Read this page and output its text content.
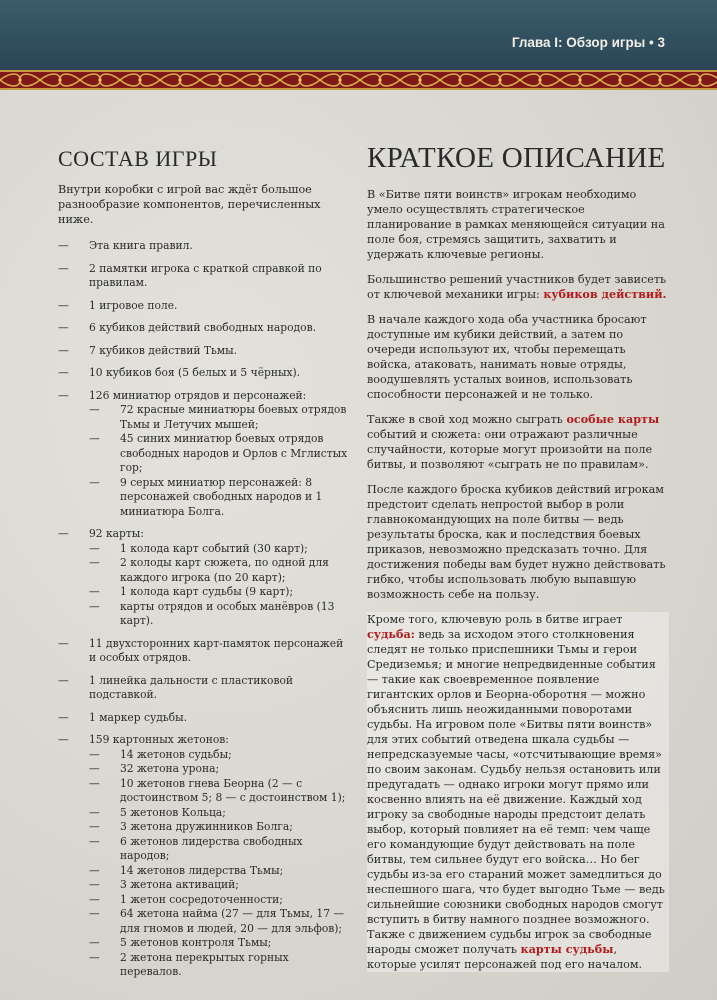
Глава I: Обзор игры • 3
СОСТАВ ИГРЫ

Внутри коробки с игрой вас ждёт большое разнообразие компонентов, перечисленных ниже.

— Эта книга правил.
— 2 памятки игрока с краткой справкой по правилам.
— 1 игровое поле.
— 6 кубиков действий свободных народов.
— 7 кубиков действий Тьмы.
— 10 кубиков боя (5 белых и 5 чёрных).
— 126 миниатюр отрядов и персонажей:
— 72 красные миниатюры боевых отрядов Тьмы и Летучих мышей;
— 45 синих миниатюр боевых отрядов свободных народов и Орлов с Мглистых гор;
— 9 серых миниатюр персонажей: 8 персонажей свободных народов и 1 миниатюра Болга.
— 92 карты:
— 1 колода карт событий (30 карт);
— 2 колоды карт сюжета, по одной для каждого игрока (по 20 карт);
— 1 колода карт судьбы (9 карт);
— карты отрядов и особых манёвров (13 карт).
— 11 двухсторонних карт-памяток персонажей и особых отрядов.
— 1 линейка дальности с пластиковой подставкой.
— 1 маркер судьбы.
— 159 картонных жетонов:
— 14 жетонов судьбы;
— 32 жетона урона;
— 10 жетонов гнева Беорна (2 — с достоинством 5; 8 — с достоинством 1);
— 5 жетонов Кольца;
— 3 жетона дружинников Болга;
— 6 жетонов лидерства свободных народов;
— 14 жетонов лидерства Тьмы;
— 3 жетона активаций;
— 1 жетон сосредоточенности;
— 64 жетона найма (27 — для Тьмы, 17 — для гномов и людей, 20 — для эльфов);
— 5 жетонов контроля Тьмы;
— 2 жетона перекрытых горных перевалов.
КРАТКОЕ ОПИСАНИЕ

В «Битве пяти воинств» игрокам необходимо умело осуществлять стратегическое планирование в рамках меняющейся ситуации на поле боя, стремясь защитить, захватить и удержать ключевые регионы.

Большинство решений участников будет зависеть от ключевой механики игры: кубиков действий.

В начале каждого хода оба участника бросают доступные им кубики действий, а затем по очереди используют их, чтобы перемещать войска, атаковать, нанимать новые отряды, воодушевлять усталых воинов, использовать способности персонажей и не только.

Также в свой ход можно сыграть особые карты событий и сюжета: они отражают различные случайности, которые могут произойти на поле битвы, и позволяют «сыграть не по правилам».

После каждого броска кубиков действий игрокам предстоит сделать непростой выбор в роли главнокомандующих на поле битвы — ведь результаты броска, как и последствия боевых приказов, невозможно предсказать точно. Для достижения победы вам будет нужно действовать гибко, чтобы использовать любую выпавшую возможность себе на пользу.

Кроме того, ключевую роль в битве играет судьба: ведь за исходом этого столкновения следят не только приспешники Тьмы и герои Средиземья; и многие непредвиденные события — такие как своевременное появление гигантских орлов и Беорна-оборотня — можно объяснить лишь неожиданными поворотами судьбы. На игровом поле «Битвы пяти воинств» для этих событий отведена шкала судьбы — непредсказуемые часы, «отсчитывающие время» по своим законам. Судьбу нельзя остановить или предугадать — однако игроки могут прямо или косвенно влиять на её движение. Каждый ход игроку за свободные народы предстоит делать выбор, который повлияет на её темп: чем чаще его командующие будут действовать на поле битвы, тем сильнее будут его войска… Но бег судьбы из-за его стараний может замедлиться до неспешного шага, что будет выгодно Тьме — ведь сильнейшие союзники свободных народов смогут вступить в битву намного позднее возможного. Также с движением судьбы игрок за свободные народы сможет получать карты судьбы, которые усилят персонажей под его началом.
